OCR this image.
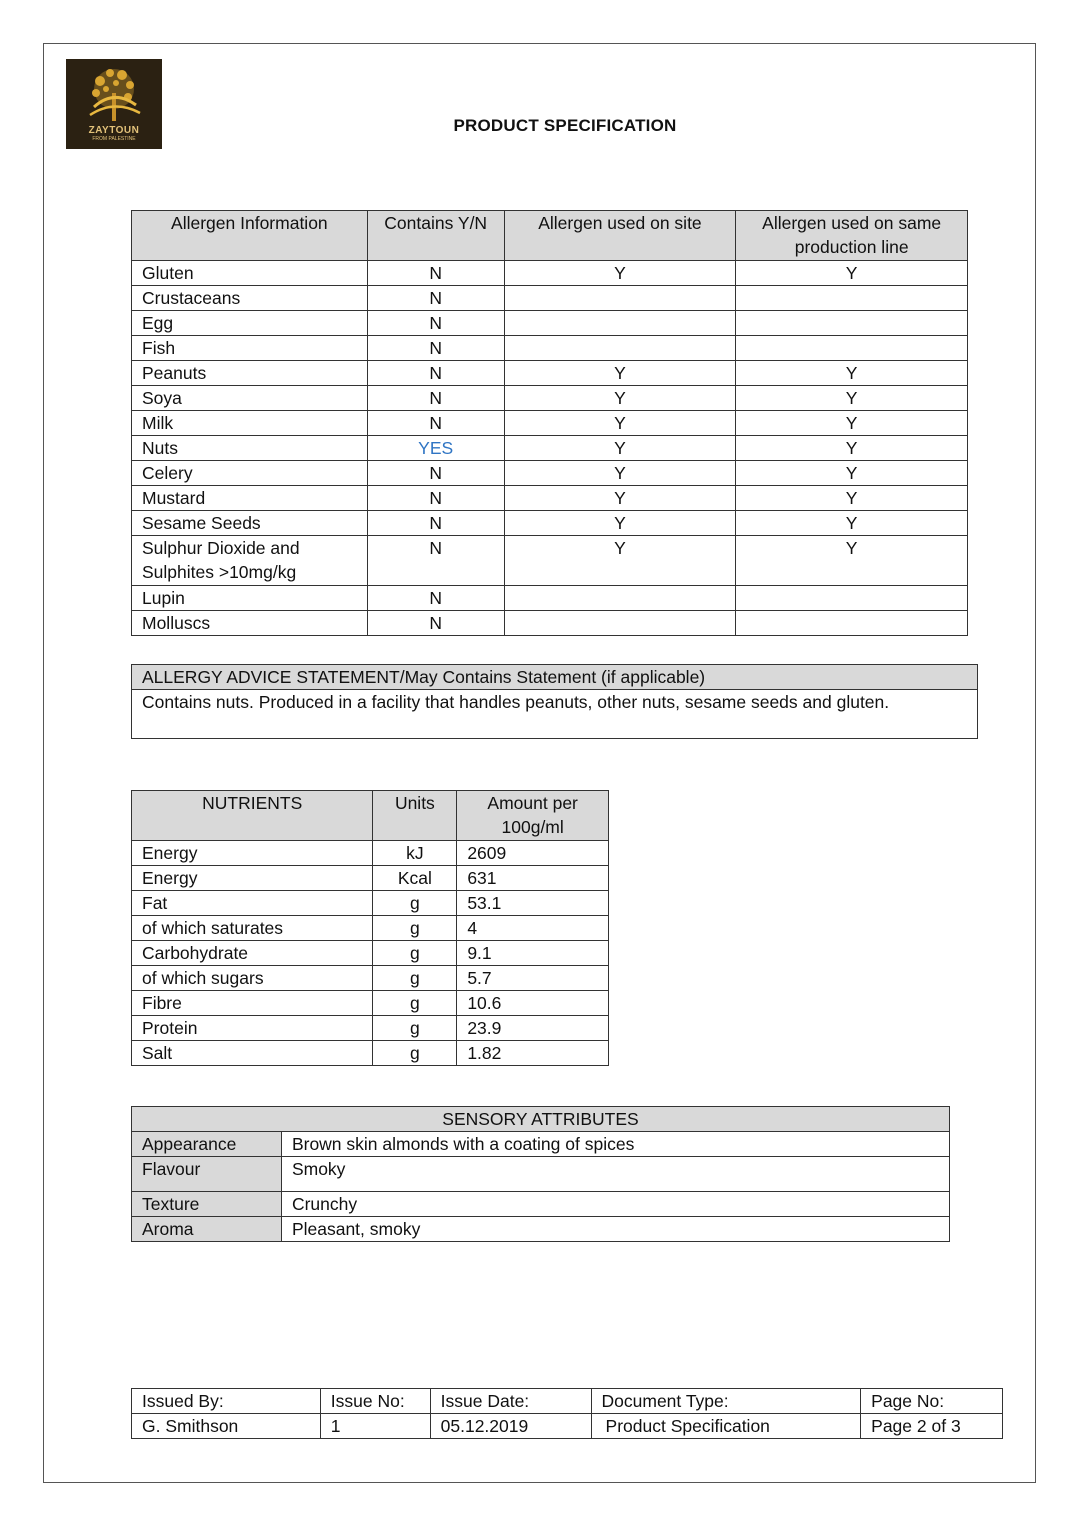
ZAYTOUN
FROM PALESTINE
PRODUCT SPECIFICATION
Allergen Information	Contains Y/N	Allergen used on site	Allergen used on same production line
Gluten	N	Y	Y
Crustaceans	N		
Egg	N		
Fish	N		
Peanuts	N	Y	Y
Soya	N	Y	Y
Milk	N	Y	Y
Nuts	YES	Y	Y
Celery	N	Y	Y
Mustard	N	Y	Y
Sesame Seeds	N	Y	Y
Sulphur Dioxide and Sulphites >10mg/kg	N	Y	Y
Lupin	N		
Molluscs	N		
ALLERGY ADVICE STATEMENT/May Contains Statement (if applicable)
Contains nuts. Produced in a facility that handles peanuts, other nuts, sesame seeds and gluten.
NUTRIENTS	Units	Amount per 100g/ml
Energy	kJ	2609
Energy	Kcal	631
Fat	g	53.1
of which saturates	g	4
Carbohydrate	g	9.1
of which sugars	g	5.7
Fibre	g	10.6
Protein	g	23.9
Salt	g	1.82
SENSORY ATTRIBUTES	
Appearance	Brown skin almonds with a coating of spices
Flavour	Smoky
Texture	Crunchy
Aroma	Pleasant, smoky
Issued By:	Issue No:	Issue Date:	Document Type:	Page No:
G. Smithson	1	05.12.2019	Product Specification	Page 2 of 3
